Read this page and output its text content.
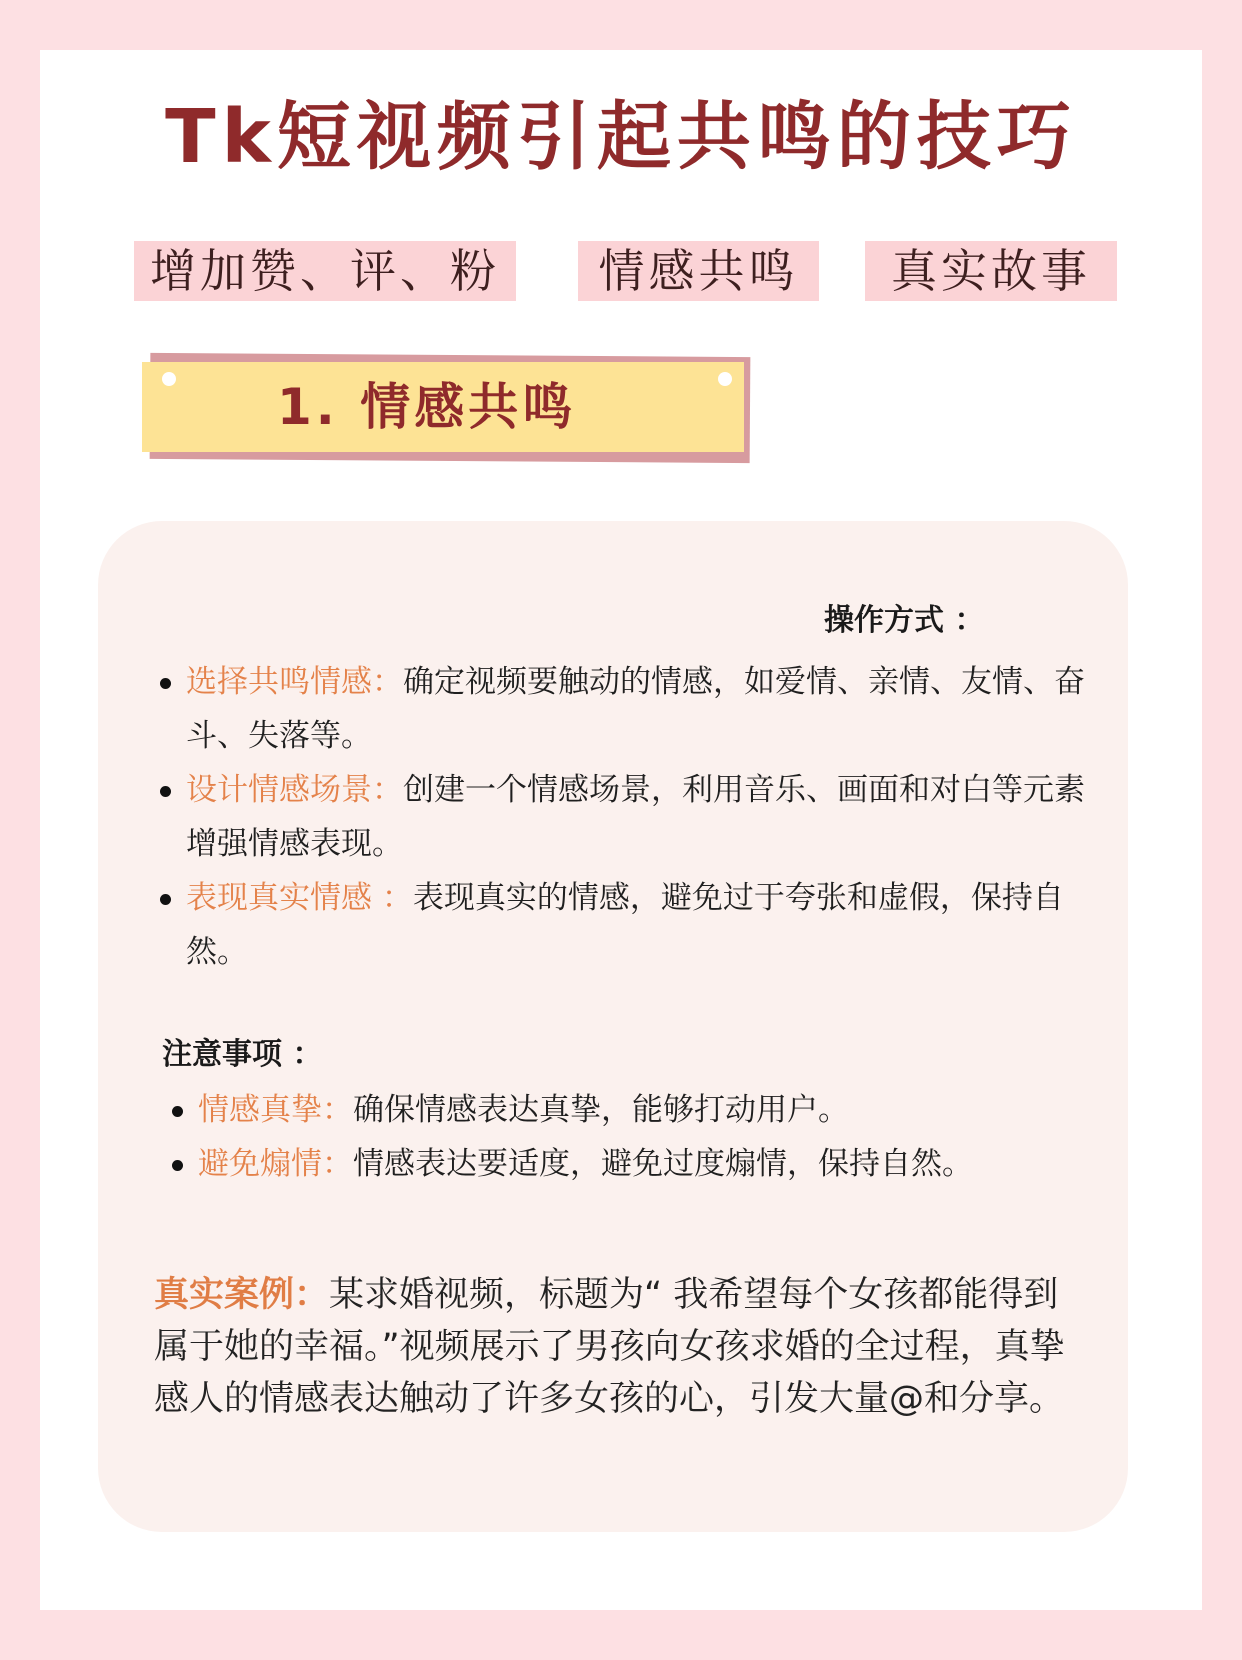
Tk短视频引起共鸣的技巧
增加赞、评、粉	情感共鸣	真实故事
1. 情感共鸣
操作方式 ：
选择共鸣情感：确定视频要触动的情感，如爱情、亲情、友情、奋斗、失落等。
设计情感场景：创建一个情感场景，利用音乐、画面和对白等元素增强情感表现。
表现真实情感 ：表现真实的情感，避免过于夸张和虚假，保持自然。
注意事项 ：
情感真挚：确保情感表达真挚，能够打动用户。
避免煽情：情感表达要适度，避免过度煽情，保持自然。
真实案例：某求婚视频，标题为“ 我希望每个女孩都能得到属于她的幸福。”视频展示了男孩向女孩求婚的全过程，真挚感人的情感表达触动了许多女孩的心，引发大量@和分享。
